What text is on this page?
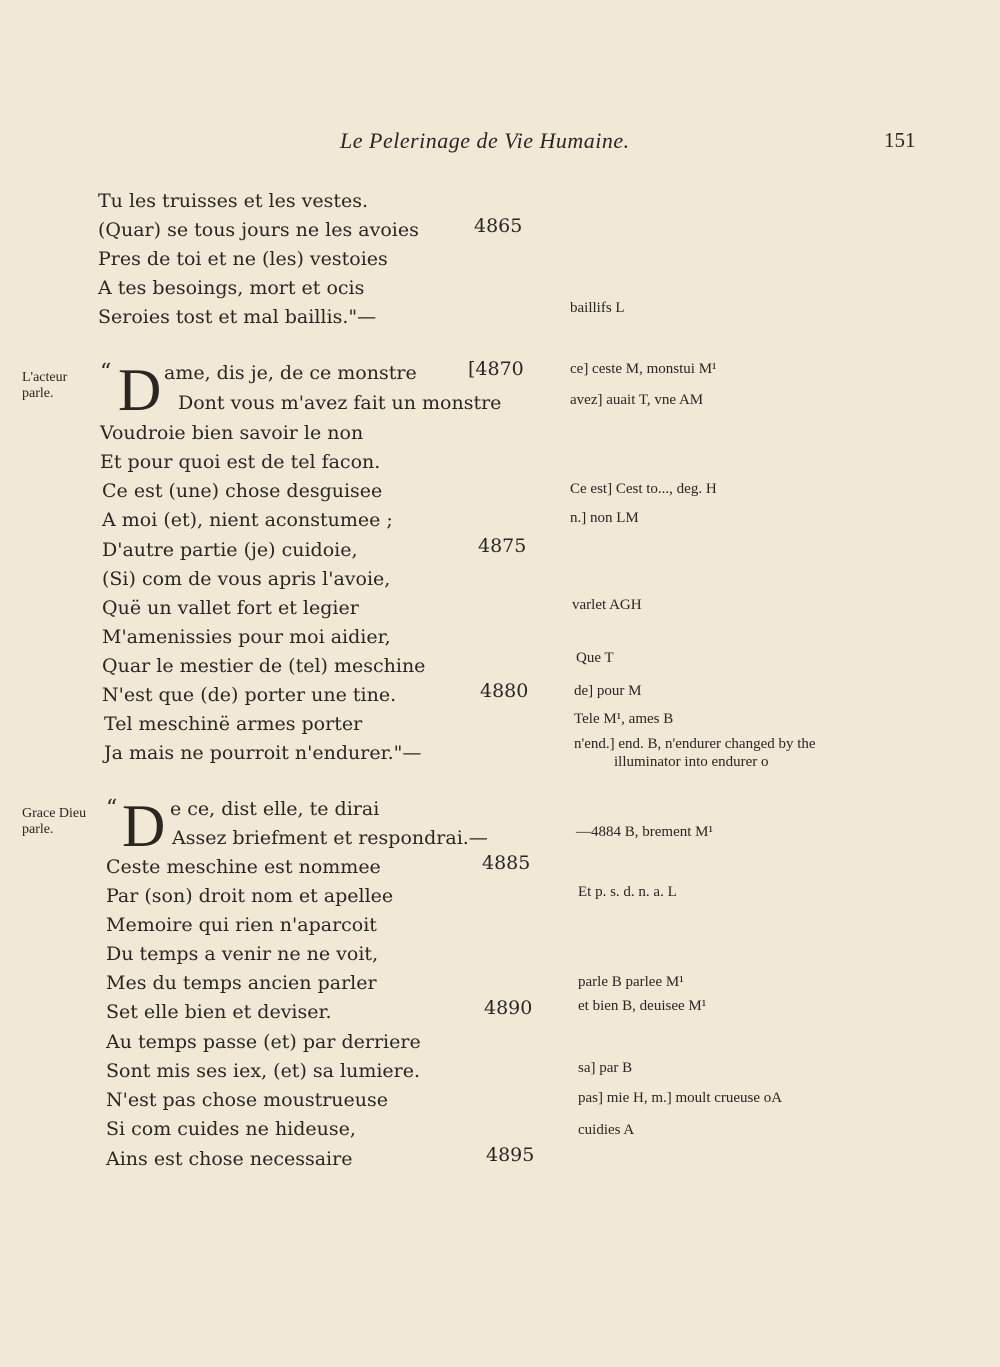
Le Pelerinage de Vie Humaine.	151
L'acteur parle.
Grace Dieu parle.
Tu les truisses et les vestes.
(Quar) se tous jours ne les avoies
Pres de toi et ne (les) vestoies
A tes besoings, mort et ocis
Seroies tost et mal baillis."—
“ D ame, dis je, de ce monstre
Dont vous m'avez fait un monstre
Voudroie bien savoir le non
Et pour quoi est de tel facon.
Ce est (une) chose desguisee
A moi (et), nient aconstumee ;
D'autre partie (je) cuidoie,
(Si) com de vous apris l'avoie,
Quë un vallet fort et legier
M'amenissies pour moi aidier,
Quar le mestier de (tel) meschine
N'est que (de) porter une tine.
Tel meschinë armes porter
Ja mais ne pourroit n'endurer."—
“ D e ce, dist elle, te dirai
Assez briefment et respondrai.—
Ceste meschine est nommee
Par (son) droit nom et apellee
Memoire qui rien n'aparcoit
Du temps a venir ne ne voit,
Mes du temps ancien parler
Set elle bien et deviser.
Au temps passe (et) par derriere
Sont mis ses iex, (et) sa lumiere.
N'est pas chose moustrueuse
Si com cuides ne hideuse,
Ains est chose necessaire
4865
[4870
4875
4880
4885
4890
4895
baillifs L
ce] ceste M, monstui M¹
avez] auait T, vne AM
Ce est] Cest to..., deg. H
n.] non LM
varlet AGH
Que T
de] pour M
Tele M¹, ames B
n'end.] end. B, n'endurer changed by the
illuminator into endurer o
—4884 B, brement M¹
Et p. s. d. n. a. L
parle B parlee M¹
et bien B, deuisee M¹
sa] par B
pas] mie H, m.] moult crueuse oA
cuidies A
